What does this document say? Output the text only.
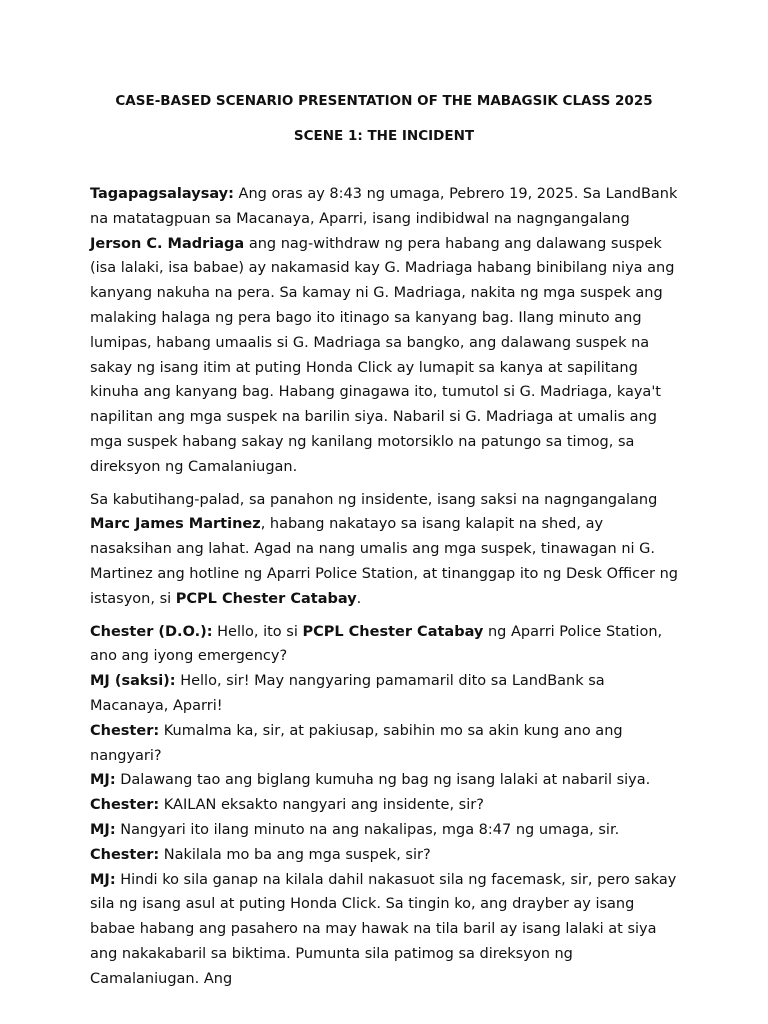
CASE-BASED SCENARIO PRESENTATION OF THE MABAGSIK CLASS 2025

SCENE 1: THE INCIDENT

Tagapagsalaysay: Ang oras ay 8:43 ng umaga, Pebrero 19, 2025. Sa LandBank na matatagpuan sa Macanaya, Aparri, isang indibidwal na nagngangalang Jerson C. Madriaga ang nag-withdraw ng pera habang ang dalawang suspek (isa lalaki, isa babae) ay nakamasid kay G. Madriaga habang binibilang niya ang kanyang nakuha na pera. Sa kamay ni G. Madriaga, nakita ng mga suspek ang malaking halaga ng pera bago ito itinago sa kanyang bag. Ilang minuto ang lumipas, habang umaalis si G. Madriaga sa bangko, ang dalawang suspek na sakay ng isang itim at puting Honda Click ay lumapit sa kanya at sapilitang kinuha ang kanyang bag. Habang ginagawa ito, tumutol si G. Madriaga, kaya't napilitan ang mga suspek na barilin siya. Nabaril si G. Madriaga at umalis ang mga suspek habang sakay ng kanilang motorsiklo na patungo sa timog, sa direksyon ng Camalaniugan.

Sa kabutihang-palad, sa panahon ng insidente, isang saksi na nagngangalang Marc James Martinez, habang nakatayo sa isang kalapit na shed, ay nasaksihan ang lahat. Agad na nang umalis ang mga suspek, tinawagan ni G. Martinez ang hotline ng Aparri Police Station, at tinanggap ito ng Desk Officer ng istasyon, si PCPL Chester Catabay.

Chester (D.O.): Hello, ito si PCPL Chester Catabay ng Aparri Police Station, ano ang iyong emergency?

MJ (saksi): Hello, sir! May nangyaring pamamaril dito sa LandBank sa Macanaya, Aparri!

Chester: Kumalma ka, sir, at pakiusap, sabihin mo sa akin kung ano ang nangyari?

MJ: Dalawang tao ang biglang kumuha ng bag ng isang lalaki at nabaril siya.

Chester: KAILAN eksakto nangyari ang insidente, sir?

MJ: Nangyari ito ilang minuto na ang nakalipas, mga 8:47 ng umaga, sir.

Chester: Nakilala mo ba ang mga suspek, sir?

MJ: Hindi ko sila ganap na kilala dahil nakasuot sila ng facemask, sir, pero sakay sila ng isang asul at puting Honda Click. Sa tingin ko, ang drayber ay isang babae habang ang pasahero na may hawak na tila baril ay isang lalaki at siya ang nakakabaril sa biktima. Pumunta sila patimog sa direksyon ng Camalaniugan. Ang
